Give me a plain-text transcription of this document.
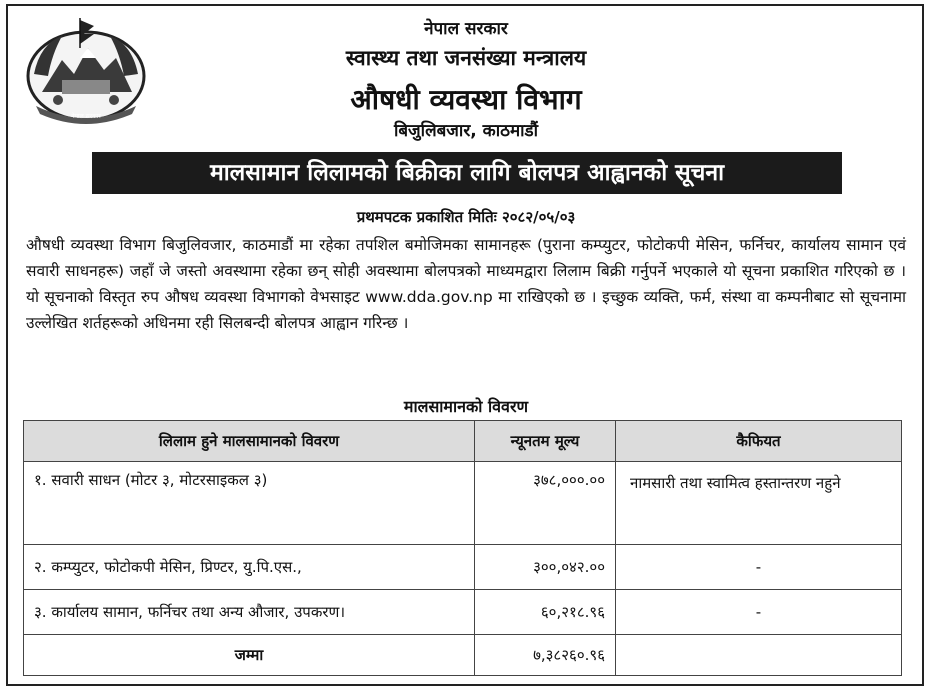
नेपाल सरकार
नेपाल सरकार
स्वास्थ्य तथा जनसंख्या मन्त्रालय
औषधी व्यवस्था विभाग
बिजुलिबजार, काठमाडौं
मालसामान लिलामको बिक्रीका लागि बोलपत्र आह्वानको सूचना
प्रथमपटक प्रकाशित मितिः २०८२/०५/०३
औषधी व्यवस्था विभाग बिजुलिवजार, काठमाडौं मा रहेका तपशिल बमोजिमका सामानहरू (पुराना कम्प्युटर, फोटोकपी मेसिन, फर्निचर, कार्यालय सामान एवं सवारी साधनहरू) जहाँ जे जस्तो अवस्थामा रहेका छन् सोही अवस्थामा बोलपत्रको माध्यमद्वारा लिलाम बिक्री गर्नुपर्ने भएकाले यो सूचना प्रकाशित गरिएको छ । यो सूचनाको विस्तृत रुप औषध व्यवस्था विभागको वेभसाइट www.dda.gov.np मा राखिएको छ । इच्छुक व्यक्ति, फर्म, संस्था वा कम्पनीबाट सो सूचनामा उल्लेखित शर्तहरूको अधिनमा रही सिलबन्दी बोलपत्र आह्वान गरिन्छ ।
मालसामानको विवरण
लिलाम हुने मालसामानको विवरण	न्यूनतम मूल्य	कैफियत
१. सवारी साधन (मोटर ३, मोटरसाइकल ३)	३७८,०००.००	नामसारी तथा स्वामित्व हस्तान्तरण नहुने
२. कम्प्युटर, फोटोकपी मेसिन, प्रिण्टर, यु.पि.एस.,	३००,०४२.००	-
३. कार्यालय सामान, फर्निचर तथा अन्य औजार, उपकरण।	६०,२१८.९६	-
जम्मा	७,३८२६०.९६	
